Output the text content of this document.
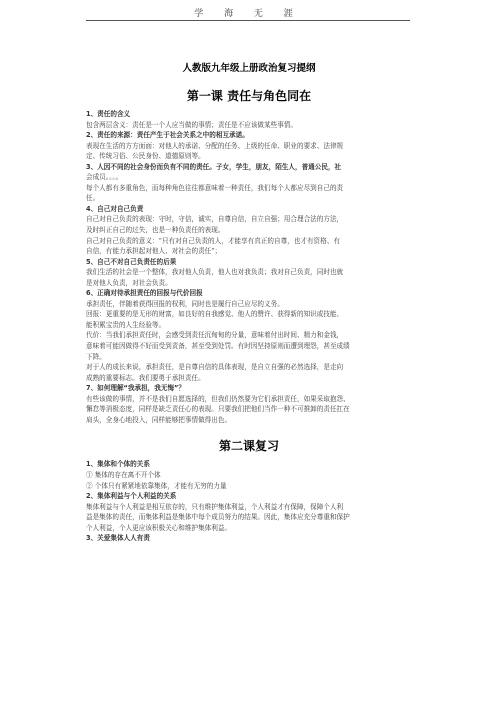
学 海 无 涯
人教版九年级上册政治复习提纲
第一课 责任与角色同在
1、责任的含义
包含两层含义：责任是一个人应当做的事情；责任是不应该做某些事情。
2、责任的来源：责任产生于社会关系之中的相互承诺。
表现在生活的方方面面：对他人的承诺、分配的任务、上级的任命、职业的要求、法律规
定、传统习俗、公民身份、道德原则等。
3、人因不同的社会身份而负有不同的责任。子女，学生，朋友，陌生人，普通公民，社
会成员。。。。
每个人都有多重角色，而每种角色往往都意味着一种责任，我们每个人都应尽到自己的责
任。
4、自己对自己负责
自己对自己负责的表现：守时，守信，诚实，自尊自信，自立自强；用合理合法的方法，
及时纠正自己的过失，也是一种负责任的表现。
自己对自己负责的意义：“只有对自己负责的人，才能享有真正的自尊，也才有资格、有
自信，有能力承担起对他人、对社会的责任”；
5、自己不对自己负责任的后果
我们生活的社会是一个整体，我对他人负责，他人也对我负责；我对自己负责，同时也就
是对他人负责，对社会负责。
6、正确对待承担责任的回报与代价回报
承担责任，伴随着获得回报的权利，同时也是履行自己应尽的义务。
回报：更重要的是无形的财富，如良好的自我感觉、他人的赞许、获得新的知识或技能、
能积累宝贵的人生经验等。
代价：当我们承担责任时，会感受到责任沉甸甸的分量，意味着付出时间、精力和金钱，
意味着可能因做得不好而受到责备，甚至受到处罚。有时因坚持原则而遭到埋怨，甚至成绩
下降。
对于人的成长来说，承担责任，是自尊自信的具体表现，是自立自强的必然选择，是走向
成熟的重要标志。我们要勇于承担责任。
7、如何理解“我承担，我无悔”？
有些该做的事情，并不是我们自愿选择的，但我们仍然要为它们承担责任，如果采取抱怨、
懈怠等消极态度，同样是缺乏责任心的表现。只要我们把他们当作一种不可推卸的责任扛在
肩头，全身心地投入，同样能够把事情做得出色。
第二课复习
1、集体和个体的关系
① 集体的存在离不开个体
② 个体只有紧紧地依靠集体，才能有无穷的力量
2、集体利益与个人利益的关系
集体利益与个人利益是相互依存的，只有维护集体利益，个人利益才有保障，保障个人利
益是集体的责任，而集体利益是集体中每个成员努力的结果。因此，集体应充分尊重和保护
个人利益，个人更应该积极关心和维护集体利益。
3、关爱集体人人有责
